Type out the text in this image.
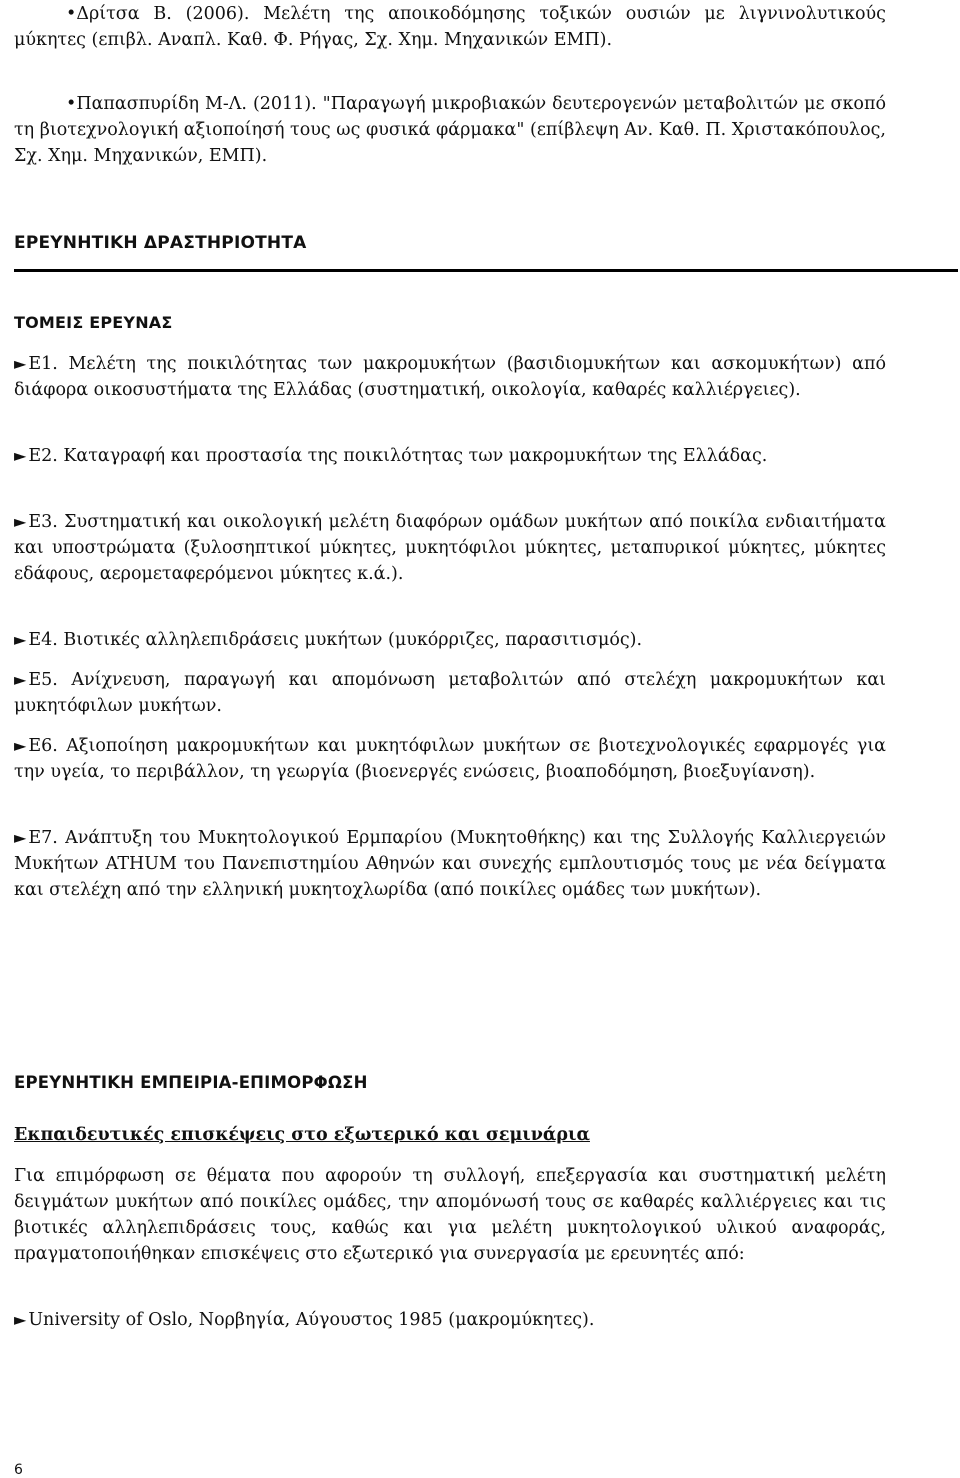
•Δρίτσα Β. (2006). Μελέτη της αποικοδόμησης τοξικών ουσιών με λιγνινολυτικούς μύκητες (επιβλ. Αναπλ. Καθ. Φ. Ρήγας, Σχ. Χημ. Μηχανικών ΕΜΠ).

•Παπασπυρίδη Μ-Λ. (2011). "Παραγωγή μικροβιακών δευτερογενών μεταβολιτών με σκοπό τη βιοτεχνολογική αξιοποίησή τους ως φυσικά φάρμακα" (επίβλεψη Αν. Καθ. Π. Χριστακόπουλος, Σχ. Χημ. Μηχανικών, ΕΜΠ).

ΕΡΕΥΝΗΤΙΚΗ ΔΡΑΣΤΗΡΙΟΤΗΤΑ

ΤΟΜΕΙΣ ΕΡΕΥΝΑΣ

► Ε1. Μελέτη της ποικιλότητας των μακρομυκήτων (βασιδιομυκήτων και ασκομυκήτων) από διάφορα οικοσυστήματα της Ελλάδας (συστηματική, οικολογία, καθαρές καλλιέργειες).

► Ε2. Καταγραφή και προστασία της ποικιλότητας των μακρομυκήτων της Ελλάδας.

► Ε3. Συστηματική και οικολογική μελέτη διαφόρων ομάδων μυκήτων από ποικίλα ενδιαιτήματα και υποστρώματα (ξυλοσηπτικοί μύκητες, μυκητόφιλοι μύκητες, μεταπυρικοί μύκητες, μύκητες εδάφους, αερομεταφερόμενοι μύκητες κ.ά.).

► Ε4. Βιοτικές αλληλεπιδράσεις μυκήτων (μυκόρριζες, παρασιτισμός).

► Ε5. Ανίχνευση, παραγωγή και απομόνωση μεταβολιτών από στελέχη μακρομυκήτων και μυκητόφιλων μυκήτων.

► Ε6. Αξιοποίηση μακρομυκήτων και μυκητόφιλων μυκήτων σε βιοτεχνολογικές εφαρμογές για την υγεία, το περιβάλλον, τη γεωργία (βιοενεργές ενώσεις, βιοαποδόμηση, βιοεξυγίανση).

► Ε7. Ανάπτυξη του Μυκητολογικού Ερμπαρίου (Μυκητοθήκης) και της Συλλογής Καλλιεργειών Μυκήτων ATHUM του Πανεπιστημίου Αθηνών και συνεχής εμπλουτισμός τους με νέα δείγματα και στελέχη από την ελληνική μυκητοχλωρίδα (από ποικίλες ομάδες των μυκήτων).

ΕΡΕΥΝΗΤΙΚΗ ΕΜΠΕΙΡΙΑ-ΕΠΙΜΟΡΦΩΣΗ

Εκπαιδευτικές επισκέψεις στο εξωτερικό και σεμινάρια

Για επιμόρφωση σε θέματα που αφορούν τη συλλογή, επεξεργασία και συστηματική μελέτη δειγμάτων μυκήτων από ποικίλες ομάδες, την απομόνωσή τους σε καθαρές καλλιέργειες και τις βιοτικές αλληλεπιδράσεις τους, καθώς και για μελέτη μυκητολογικού υλικού αναφοράς, πραγματοποιήθηκαν επισκέψεις στο εξωτερικό για συνεργασία με ερευνητές από:

► University of Oslo, Νορβηγία, Αύγουστος 1985 (μακρομύκητες).

6
